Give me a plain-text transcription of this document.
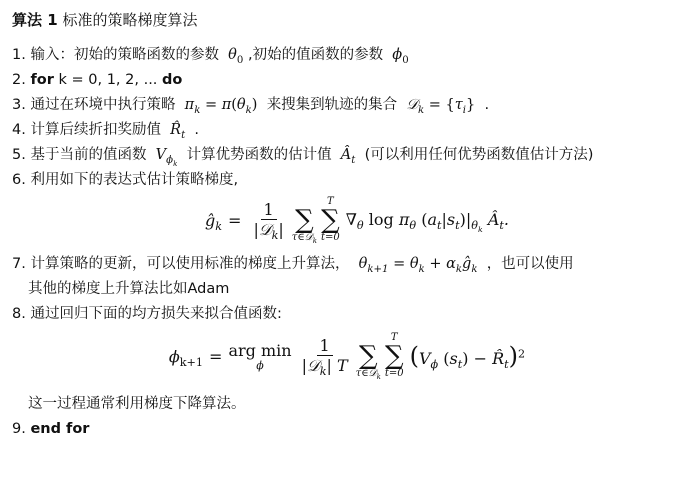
算法 1 标准的策略梯度算法
1. 输入：初始的策略函数的参数  $\theta_0$ ,初始的值函数的参数  $\phi_0$
2. for k = 0, 1, 2, ... do
3. 通过在环境中执行策略  $\pi_k = \pi(\theta_k)$ 来搜集到轨迹的集合  𝒟$_k$ = $\{\tau_i\}$ .
4. 计算后续折扣奖励值  $R̂_t$ .
5. 基于当前的值函数  $V_{\phi_k}$  计算优势函数的估计值  $Â_t$ (可以利用任何优势函数值估计方法)
6. 利用如下的表达式估计策略梯度,
$ĝ_k = \frac{1}{|𝒟_k|}$
∑
τ∈𝒟$_k$
T
∑
t=0
$\nabla_\theta$ $\log \pi_\theta$ $(a_t|s_t)|_{\theta_k}$ $Â_t$.
7. 计算策略的更新，可以使用标准的梯度上升算法，  $\theta_{k+1} = \theta_k$ + $\alpha_kĝ_k$ ，也可以使用
其他的梯度上升算法比如Adam
8. 通过回归下面的均方损失来拟合值函数:
$\phi_{k+1}$ = arg min
ϕ $\frac{1}{|𝒟_k| T}$
∑
τ∈𝒟$_k$
T
∑
t=0
($V_\phi$ $(s_t)$ − $R̂_t)^2$
这一过程通常利用梯度下降算法。
9. end for
